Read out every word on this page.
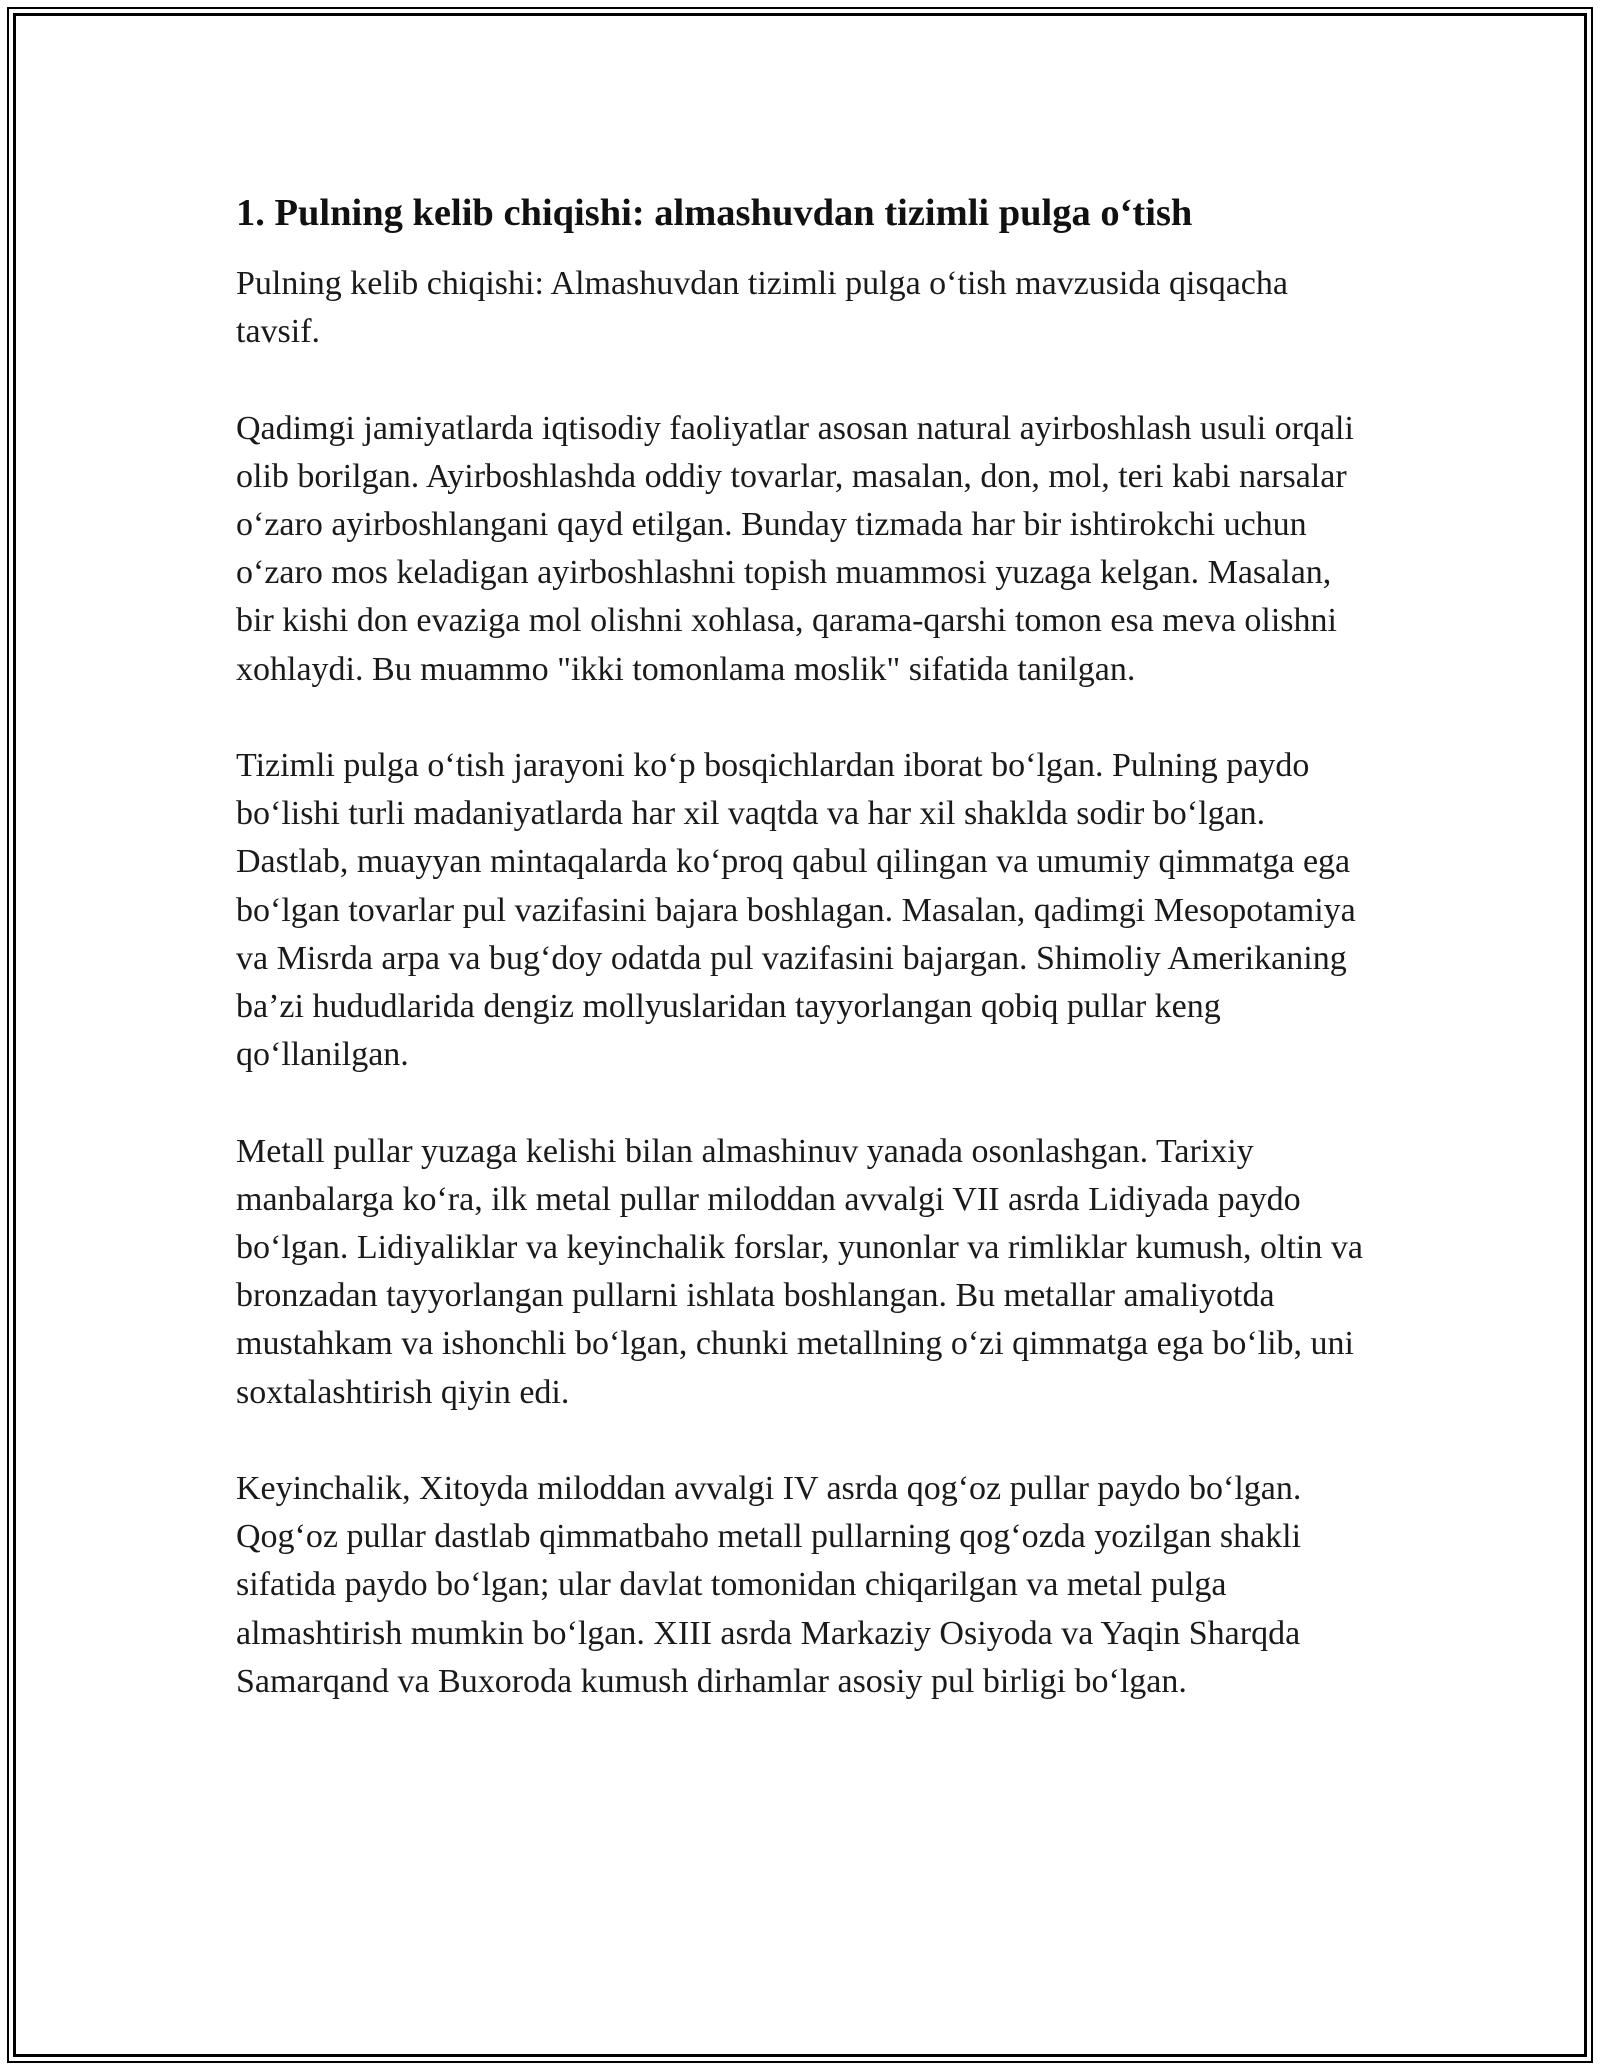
1. Pulning kelib chiqishi: almashuvdan tizimli pulga o‘tish

Pulning kelib chiqishi: Almashuvdan tizimli pulga o‘tish mavzusida qisqacha tavsif.

Qadimgi jamiyatlarda iqtisodiy faoliyatlar asosan natural ayirboshlash usuli orqali olib borilgan. Ayirboshlashda oddiy tovarlar, masalan, don, mol, teri kabi narsalar o‘zaro ayirboshlangani qayd etilgan. Bunday tizmada har bir ishtirokchi uchun o‘zaro mos keladigan ayirboshlashni topish muammosi yuzaga kelgan. Masalan, bir kishi don evaziga mol olishni xohlasa, qarama-qarshi tomon esa meva olishni xohlaydi. Bu muammo "ikki tomonlama moslik" sifatida tanilgan.

Tizimli pulga o‘tish jarayoni ko‘p bosqichlardan iborat bo‘lgan. Pulning paydo bo‘lishi turli madaniyatlarda har xil vaqtda va har xil shaklda sodir bo‘lgan. Dastlab, muayyan mintaqalarda ko‘proq qabul qilingan va umumiy qimmatga ega bo‘lgan tovarlar pul vazifasini bajara boshlagan. Masalan, qadimgi Mesopotamiya va Misrda arpa va bug‘doy odatda pul vazifasini bajargan. Shimoliy Amerikaning ba’zi hududlarida dengiz mollyuslaridan tayyorlangan qobiq pullar keng qo‘llanilgan.

Metall pullar yuzaga kelishi bilan almashinuv yanada osonlashgan. Tarixiy manbalarga ko‘ra, ilk metal pullar miloddan avvalgi VII asrda Lidiyada paydo bo‘lgan. Lidiyaliklar va keyinchalik forslar, yunonlar va rimliklar kumush, oltin va bronzadan tayyorlangan pullarni ishlata boshlangan. Bu metallar amaliyotda mustahkam va ishonchli bo‘lgan, chunki metallning o‘zi qimmatga ega bo‘lib, uni soxtalashtirish qiyin edi.

Keyinchalik, Xitoyda miloddan avvalgi IV asrda qog‘oz pullar paydo bo‘lgan. Qog‘oz pullar dastlab qimmatbaho metall pullarning qog‘ozda yozilgan shakli sifatida paydo bo‘lgan; ular davlat tomonidan chiqarilgan va metal pulga almashtirish mumkin bo‘lgan. XIII asrda Markaziy Osiyoda va Yaqin Sharqda Samarqand va Buxoroda kumush dirhamlar asosiy pul birligi bo‘lgan.
